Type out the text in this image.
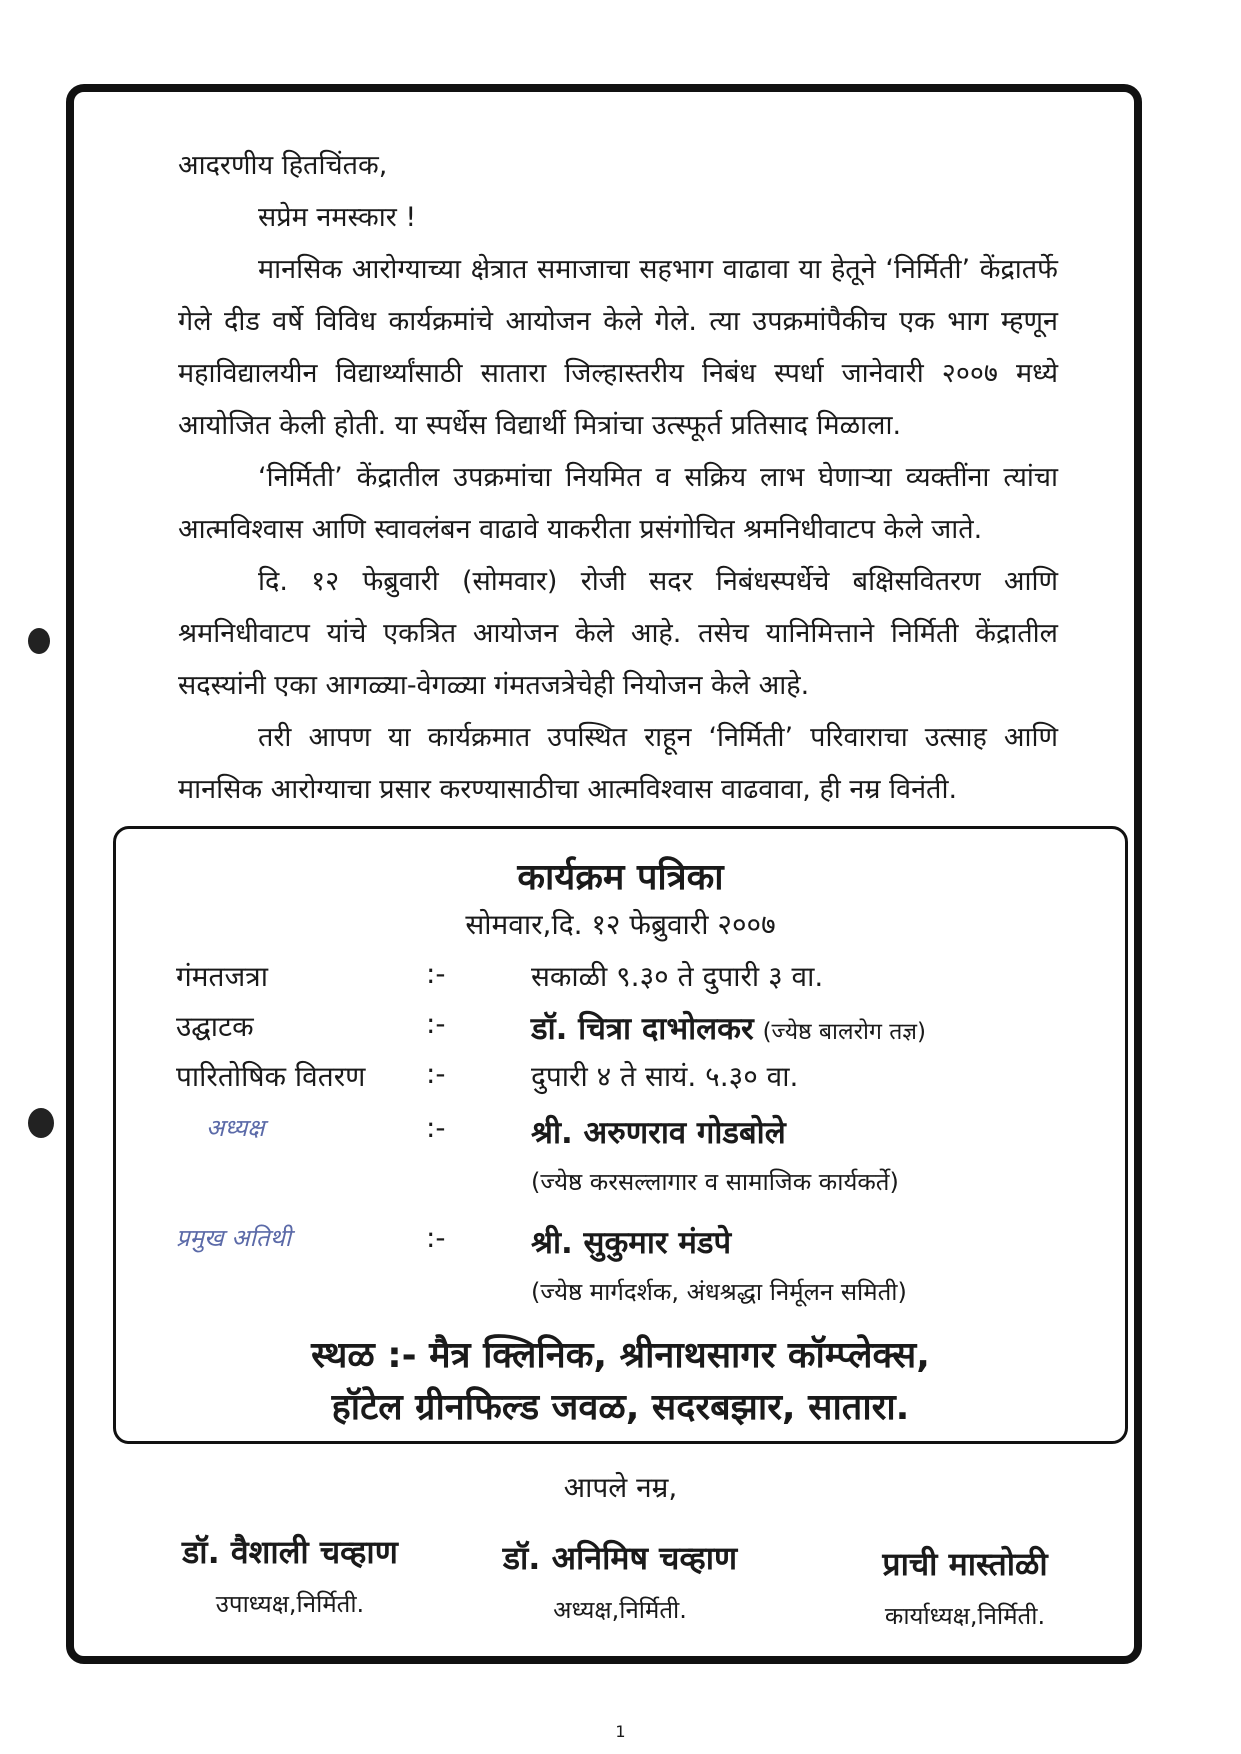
आदरणीय हितचिंतक,

सप्रेम नमस्कार !

मानसिक आरोग्याच्या क्षेत्रात समाजाचा सहभाग वाढावा या हेतूने ‘निर्मिती’ केंद्रातर्फे गेले दीड वर्षे विविध कार्यक्रमांचे आयोजन केले गेले. त्या उपक्रमांपैकीच एक भाग म्हणून महाविद्यालयीन विद्यार्थ्यांसाठी सातारा जिल्हास्तरीय निबंध स्पर्धा जानेवारी २००७ मध्ये आयोजित केली होती. या स्पर्धेस विद्यार्थी मित्रांचा उत्स्फूर्त प्रतिसाद मिळाला.

‘निर्मिती’ केंद्रातील उपक्रमांचा नियमित व सक्रिय लाभ घेणाऱ्या व्यक्तींना त्यांचा आत्मविश्वास आणि स्वावलंबन वाढावे याकरीता प्रसंगोचित श्रमनिधीवाटप केले जाते.

दि. १२ फेब्रुवारी (सोमवार) रोजी सदर निबंधस्पर्धेचे बक्षिसवितरण आणि श्रमनिधीवाटप यांचे एकत्रित आयोजन केले आहे. तसेच यानिमित्ताने निर्मिती केंद्रातील सदस्यांनी एका आगळ्या-वेगळ्या गंमतजत्रेचेही नियोजन केले आहे.

तरी आपण या कार्यक्रमात उपस्थित राहून ‘निर्मिती’ परिवाराचा उत्साह आणि मानसिक आरोग्याचा प्रसार करण्यासाठीचा आत्मविश्वास वाढवावा, ही नम्र विनंती.

कार्यक्रम पत्रिका
सोमवार,दि. १२ फेब्रुवारी २००७
गंमतजत्रा	:-	सकाळी ९.३० ते दुपारी ३ वा.
उद्घाटक	:-	डॉ. चित्रा दाभोलकर (ज्येष्ठ बालरोग तज्ञ)
पारितोषिक वितरण :-	दुपारी ४ ते सायं. ५.३० वा.
अध्यक्ष	:-	श्री. अरुणराव गोडबोले
(ज्येष्ठ करसल्लागार व सामाजिक कार्यकर्ते)
प्रमुख अतिथी	:-	श्री. सुकुमार मंडपे
(ज्येष्ठ मार्गदर्शक, अंधश्रद्धा निर्मूलन समिती)
स्थळ :- मैत्र क्लिनिक, श्रीनाथसागर कॉम्प्लेक्स,
हॉटेल ग्रीनफिल्ड जवळ, सदरबझार, सातारा.
आपले नम्र,
डॉ. वैशाली चव्हाण
उपाध्यक्ष,निर्मिती.
डॉ. अनिमिष चव्हाण
अध्यक्ष,निर्मिती.
प्राची मास्तोळी
कार्याध्यक्ष,निर्मिती.
1
